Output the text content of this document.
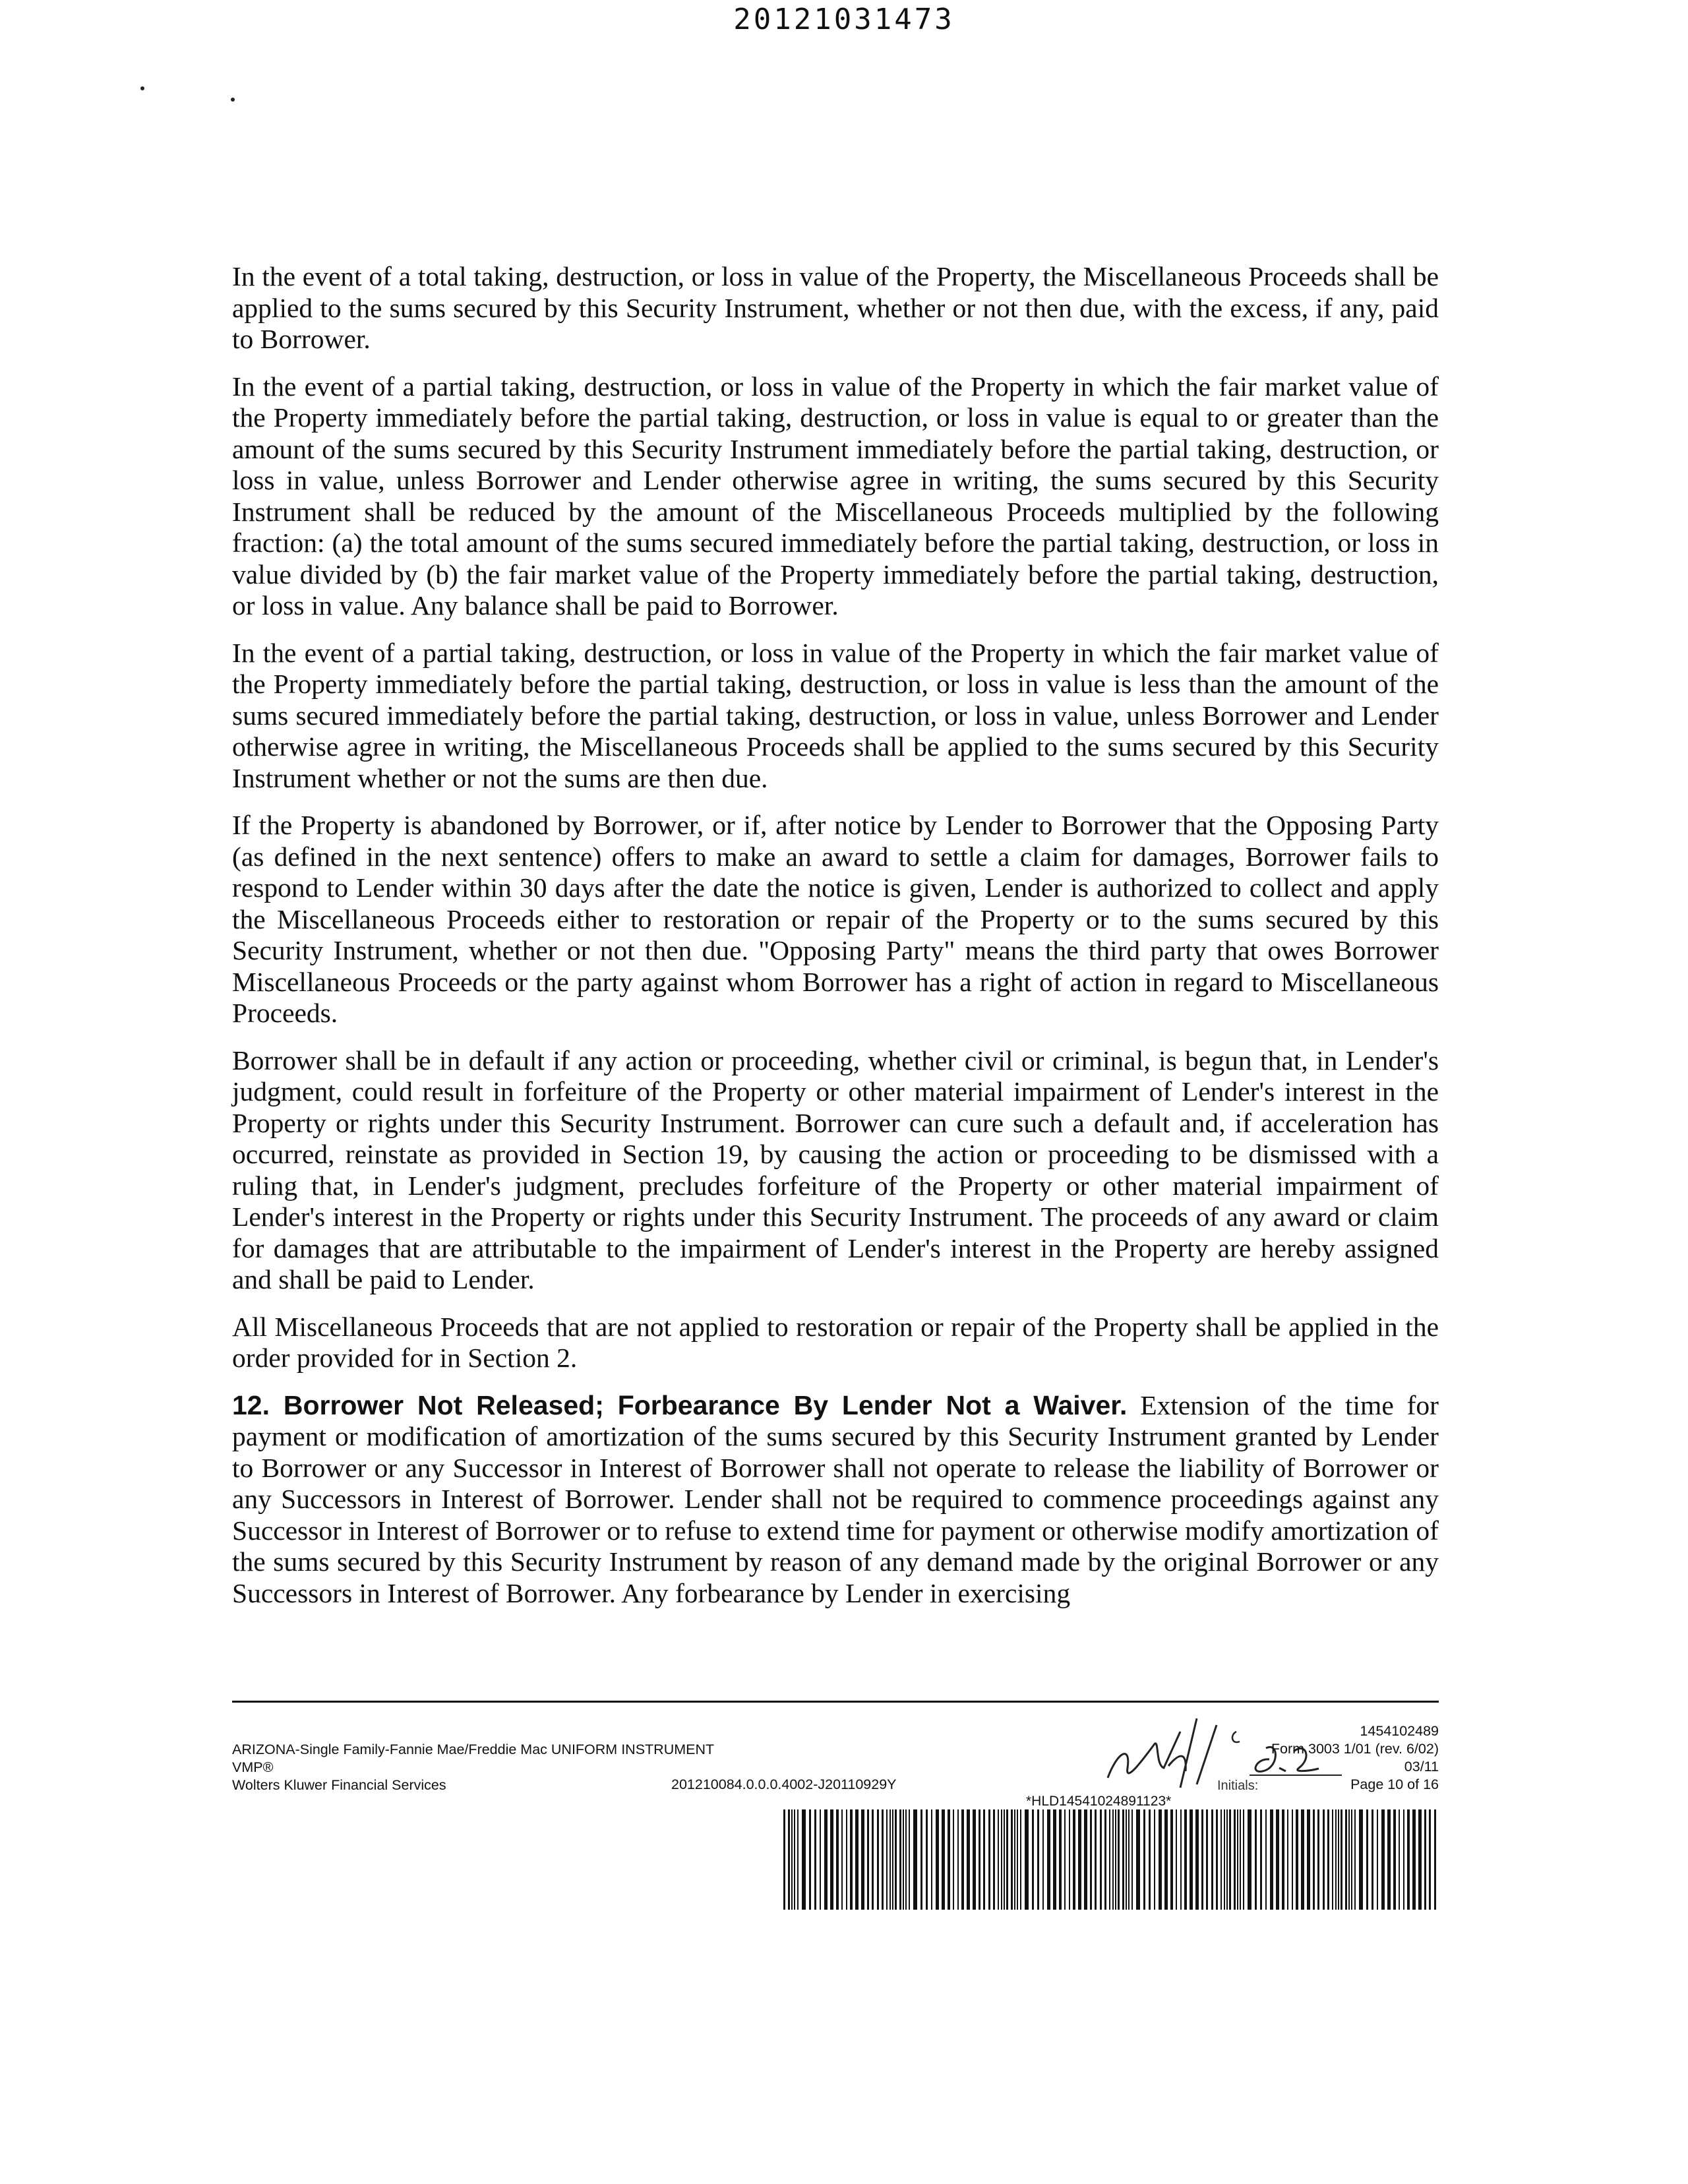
20121031473

In the event of a total taking, destruction, or loss in value of the Property, the Miscellaneous Proceeds shall be applied to the sums secured by this Security Instrument, whether or not then due, with the excess, if any, paid to Borrower.

In the event of a partial taking, destruction, or loss in value of the Property in which the fair market value of the Property immediately before the partial taking, destruction, or loss in value is equal to or greater than the amount of the sums secured by this Security Instrument immediately before the partial taking, destruction, or loss in value, unless Borrower and Lender otherwise agree in writing, the sums secured by this Security Instrument shall be reduced by the amount of the Miscellaneous Proceeds multiplied by the following fraction: (a) the total amount of the sums secured immediately before the partial taking, destruction, or loss in value divided by (b) the fair market value of the Property immediately before the partial taking, destruction, or loss in value. Any balance shall be paid to Borrower.

In the event of a partial taking, destruction, or loss in value of the Property in which the fair market value of the Property immediately before the partial taking, destruction, or loss in value is less than the amount of the sums secured immediately before the partial taking, destruction, or loss in value, unless Borrower and Lender otherwise agree in writing, the Miscellaneous Proceeds shall be applied to the sums secured by this Security Instrument whether or not the sums are then due.

If the Property is abandoned by Borrower, or if, after notice by Lender to Borrower that the Opposing Party (as defined in the next sentence) offers to make an award to settle a claim for damages, Borrower fails to respond to Lender within 30 days after the date the notice is given, Lender is authorized to collect and apply the Miscellaneous Proceeds either to restoration or repair of the Property or to the sums secured by this Security Instrument, whether or not then due. "Opposing Party" means the third party that owes Borrower Miscellaneous Proceeds or the party against whom Borrower has a right of action in regard to Miscellaneous Proceeds.

Borrower shall be in default if any action or proceeding, whether civil or criminal, is begun that, in Lender's judgment, could result in forfeiture of the Property or other material impairment of Lender's interest in the Property or rights under this Security Instrument. Borrower can cure such a default and, if acceleration has occurred, reinstate as provided in Section 19, by causing the action or proceeding to be dismissed with a ruling that, in Lender's judgment, precludes forfeiture of the Property or other material impairment of Lender's interest in the Property or rights under this Security Instrument. The proceeds of any award or claim for damages that are attributable to the impairment of Lender's interest in the Property are hereby assigned and shall be paid to Lender.

All Miscellaneous Proceeds that are not applied to restoration or repair of the Property shall be applied in the order provided for in Section 2.

12. Borrower Not Released; Forbearance By Lender Not a Waiver. Extension of the time for payment or modification of amortization of the sums secured by this Security Instrument granted by Lender to Borrower or any Successor in Interest of Borrower shall not operate to release the liability of Borrower or any Successors in Interest of Borrower. Lender shall not be required to commence proceedings against any Successor in Interest of Borrower or to refuse to extend time for payment or otherwise modify amortization of the sums secured by this Security Instrument by reason of any demand made by the original Borrower or any Successors in Interest of Borrower. Any forbearance by Lender in exercising

ARIZONA-Single Family-Fannie Mae/Freddie Mac UNIFORM INSTRUMENT
VMP®
Wolters Kluwer Financial Services	201210084.0.0.0.4002-J20110929Y	Initials:
1454102489
Form 3003 1/01 (rev. 6/02)
03/11
Page 10 of 16
*HLD14541024891123*
